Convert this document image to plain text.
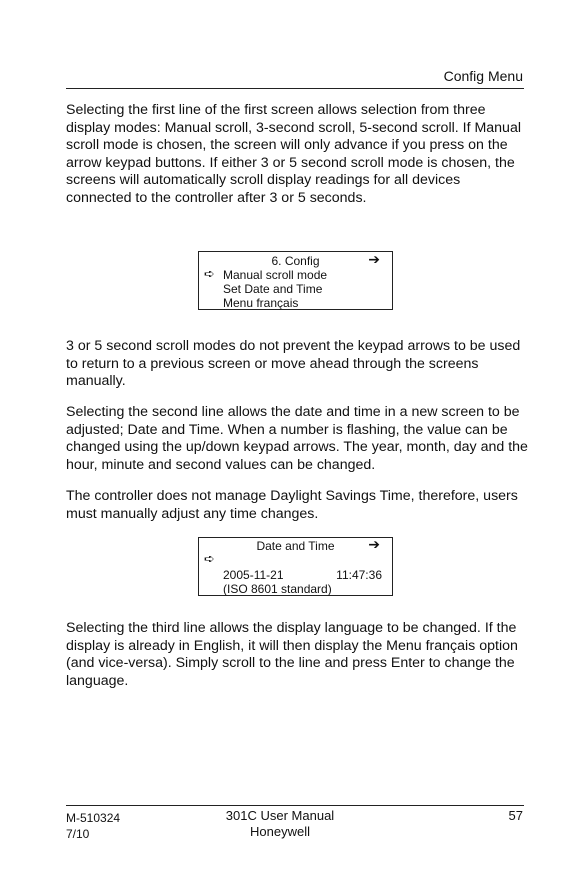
Config Menu

Selecting the first line of the first screen allows selection from three display modes: Manual scroll, 3-second scroll, 5-second scroll. If Manual scroll mode is chosen, the screen will only advance if you press on the arrow keypad buttons. If either 3 or 5 second scroll mode is chosen, the screens will automatically scroll display readings for all devices connected to the controller after 3 or 5 seconds.

6. Config	➔
➪ Manual scroll mode
Set Date and Time
Menu français

3 or 5 second scroll modes do not prevent the keypad arrows to be used to return to a previous screen or move ahead through the screens manually.

Selecting the second line allows the date and time in a new screen to be adjusted; Date and Time. When a number is flashing, the value can be changed using the up/down keypad arrows. The year, month, day and the hour, minute and second values can be changed.

The controller does not manage Daylight Savings Time, therefore, users must manually adjust any time changes.

Date and Time	➔
➪
2005-11-21	11:47:36
(ISO 8601 standard)

Selecting the third line allows the display language to be changed. If the display is already in English, it will then display the Menu français option (and vice-versa). Simply scroll to the line and press Enter to change the language.

M-510324
7/10
301C User Manual
Honeywell
57
